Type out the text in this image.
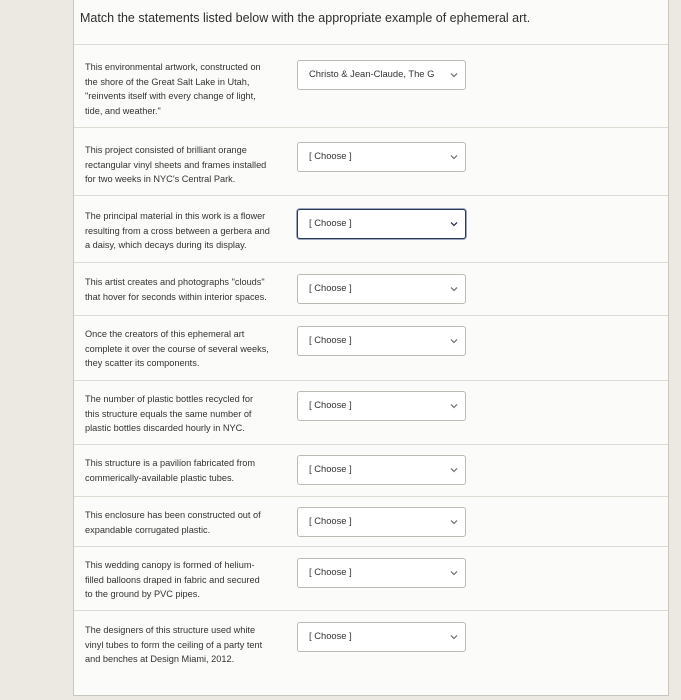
Match the statements listed below with the appropriate example of ephemeral art.
This environmental artwork, constructed on
the shore of the Great Salt Lake in Utah,
"reinvents itself with every change of light,
tide, and weather."
Christo & Jean-Claude, The G
This project consisted of brilliant orange
rectangular vinyl sheets and frames installed
for two weeks in NYC's Central Park.
[ Choose ]
The principal material in this work is a flower
resulting from a cross between a gerbera and
a daisy, which decays during its display.
[ Choose ]
This artist creates and photographs "clouds"
that hover for seconds within interior spaces.
[ Choose ]
Once the creators of this ephemeral art
complete it over the course of several weeks,
they scatter its components.
[ Choose ]
The number of plastic bottles recycled for
this structure equals the same number of
plastic bottles discarded hourly in NYC.
[ Choose ]
This structure is a pavilion fabricated from
commerically-available plastic tubes.
[ Choose ]
This enclosure has been constructed out of
expandable corrugated plastic.
[ Choose ]
This wedding canopy is formed of helium-
filled balloons draped in fabric and secured
to the ground by PVC pipes.
[ Choose ]
The designers of this structure used white
vinyl tubes to form the ceiling of a party tent
and benches at Design Miami, 2012.
[ Choose ]
